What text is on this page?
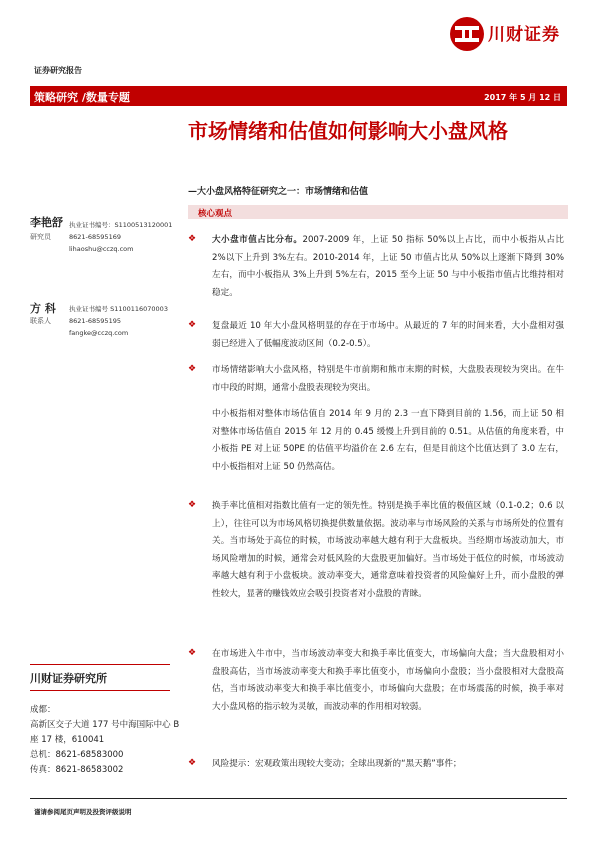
川财证券
证券研究报告
策略研究 /数量专题	2017 年 5 月 12 日
市场情绪和估值如何影响大小盘风格
—大小盘风格特征研究之一：市场情绪和估值
核心观点
李艳舒
研究员
执业证书编号：S1100513120001
8621-68595169
lihaoshu@cczq.com
方 科
联系人
执业证书编号 S1100116070003
8621-68595195
fangke@cczq.com
川财证券研究所
成都：
高新区交子大道 177 号中海国际中心 B 座 17 楼，610041
总机：8621-68583000
传真：8621-86583002
❖ 大小盘市值占比分布。2007-2009 年，上证 50 指标 50%以上占比，而中小板指从占比 2%以下上升到 3%左右。2010-2014 年，上证 50 市值占比从 50%以上逐渐下降到 30%左右，而中小板指从 3%上升到 5%左右，2015 至今上证 50 与中小板指市值占比维持相对稳定。
❖ 复盘最近 10 年大小盘风格明显的存在于市场中。从最近的 7 年的时间来看，大小盘相对强弱已经进入了低幅度波动区间（0.2-0.5）。
❖ 市场情绪影响大小盘风格，特别是牛市前期和熊市末期的时候，大盘股表现较为突出。在牛市中段的时期，通常小盘股表现较为突出。
中小板指相对整体市场估值自 2014 年 9 月的 2.3 一直下降到目前的 1.56，而上证 50 相对整体市场估值自 2015 年 12 月的 0.45 缓慢上升到目前的 0.51。从估值的角度来看，中小板指 PE 对上证 50PE 的估值平均溢价在 2.6 左右，但是目前这个比值达到了 3.0 左右，中小板指相对上证 50 仍然高估。
❖ 换手率比值相对指数比值有一定的领先性。特别是换手率比值的极值区域（0.1-0.2；0.6 以上），往往可以为市场风格切换提供数量依据。波动率与市场风险的关系与市场所处的位置有关。当市场处于高位的时候，市场波动率越大越有利于大盘板块。当经期市场波动加大，市场风险增加的时候，通常会对低风险的大盘股更加偏好。当市场处于低位的时候，市场波动率越大越有利于小盘板块。波动率变大，通常意味着投资者的风险偏好上升，而小盘股的弹性较大，显著的赚钱效应会吸引投资者对小盘股的青睐。
❖ 在市场进入牛市中，当市场波动率变大和换手率比值变大，市场偏向大盘；当大盘股相对小盘股高估，当市场波动率变大和换手率比值变小，市场偏向小盘股；当小盘股相对大盘股高估，当市场波动率变大和换手率比值变小，市场偏向大盘股；在市场震荡的时候，换手率对大小盘风格的指示较为灵敏，而波动率的作用相对较弱。
❖ 风险提示：宏观政策出现较大变动；全球出现新的“黑天鹅”事件；
谨请参阅尾页声明及投资评级说明
